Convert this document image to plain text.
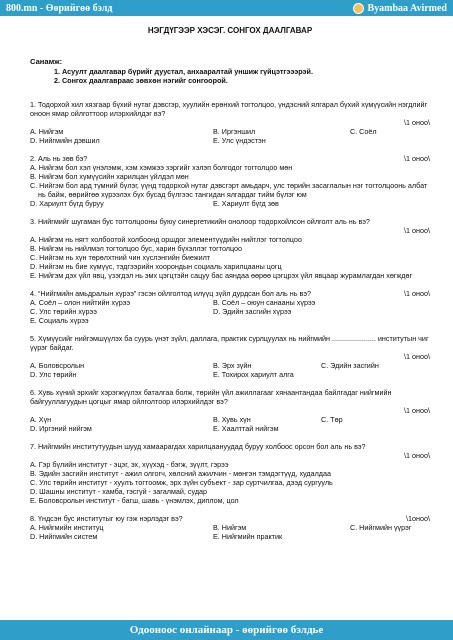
800.mn - Өөрийгөө бэлд	Byambaa Avirmed
НЭГДҮГЭЭР ХЭСЭГ. СОНГОХ ДААЛГАВАР
Санамж:
1. Асуулт даалгавар бүрийг дуустал, анхааралтай уншиж гүйцэтгэээрэй.
2. Сонгох даалгавраас зөвхөн нэгийг сонгоорой.
1. Тодорхой хил хязгаар бүхий нутаг дэвсгэр, хуулийн ерөнхий тогтолцоо, үндэсний ялгарал бүхий хүмүүсийн нэгдлийг оноон ямар ойлготтоор илэрхийлдэг вэ?
\1 оноо\
А. Нийгэм	В. Иргэншил	С. Соёл
D. Нийгмийн дэвшил	Е. Улс үндэстэн
2. Аль нь зөв бэ?	\1 оноо\
А. Нийгэм бол хэл үнэлэмж, хэм хэмжээ зэргийг хэлэп болгодог тогтолцоо мөн
В. Нийгэм бол хүмүүсийн харилцан үйлдэл мөн
С. Нийгэм бол ард түмний бүлэг, үүнд тодорхой нутаг дэвсгэрт амьдарч, улс төрийн засаглалын нэг тогтолцоонь албат нь байж, өөрийгөө хүрээлэх бүх бусад бүлгээс тангидан ялгардаг тийм бүлэг юм
D. Хариулт бүгд буруу	Е. Хариулт бүгд зөв
3. Нийгмийг шугаман бус тогтолцооны буюу синергетикийн онолоор тодорхойлсон ойлголт аль нь вэ?
\1 оноо\
А. Нийгэм нь нягт холбоотой холбоонд оршдог элементүүдийн нийтлэг тогтолцоо
В. Нийгэм нь нийлмэл тогтолцоо бус, харин бүхэллэг тогтолцоо
С. Нийгэм нь хүн төрөлхтний чин хүслэнгийн биежилт
D. Нийгэм нь бие хүмүүс, тэдгээрийн хоорондын социаль харилцааны цогц
Е. Нийгэм дэх үйл явц, үзэгдэл нь эмх цэгцтэйн сацуу бас аяндаа өөрөө цэгцрэх үйл явцаар журамлагдан хөгждөг
4. “Нийгмийн амьдралын хүрээ” гэсэн ойлголтод илүүц зүйл дурдсан бол аль нь вэ?	\1 оноо\
А. Соёл – олон нийтийн хүрээ	В. Соёл – оюун санааны хүрээ
С. Улс төрийн хүрээ	D. Эдийн засгийн хүрээ
Е. Социаль хүрээ
5. Хүмүүсийг нийгэмшүүлэх ба суурь үнэт зүйл, даллага, практик сурлцуулах нь нийгмийн ...................... институтын чиг үүрэг байдаг.
\1 оноо\
А. Боловсролын	В. Эрх зүйн	С. Эдийн засгийн
D. Улс төрийн	Е. Тохирох хариулт алга
6. Хувь хүний эрхийг хэрэгжүүлэх баталгаа болж, төрийн үйл ажиллагааг хянаантандаа байлгадаг нийгмийн байгууллагуудын цогцыг ямар ойлголтоор илэрхийлдэг вэ?
\1 оноо\
А. Хүн	В. Хувь хүн	С. Төр
D. Иргэний нийгэм	Е. Хаалттай нийгэм
7. Нийгмийн институтуудын шууд хамаарагдах харилцаануудад буруу холбоос орсон бол аль нь вэ?
\1 оноо\
А. Гэр бүлийн институт - эцэг, эх, хүүхэд - бэгж, зүүлт, гэрээ
В. Эдийн засгийн институт - ажил олгогч, хөлсний ажилчин - мөнгэн тэмдэгтүүд, худалдаа
С. Улс төрийн институт - хуулъ тогтоомж, эрх зүйн субъект - зар суртчилгаа, дээд сургууль
D. Шашны институт - хамба, гэсгүй - загалмай, судар
Е. Боловсролын институт - багш, шавь - үнэмлэх, диплом, цол
8. Үндсэн бус институтыг юу гэж нэрлэдэг вэ?	\1оноо\
А. Нийгмийн институц	В. Нийгэм	С. Нийгмийн үүрэг
D. Нийгмийн систем	Е. Нийгмийн практик
Одооноос онлайнаар - өөрийгөө бэлдье
